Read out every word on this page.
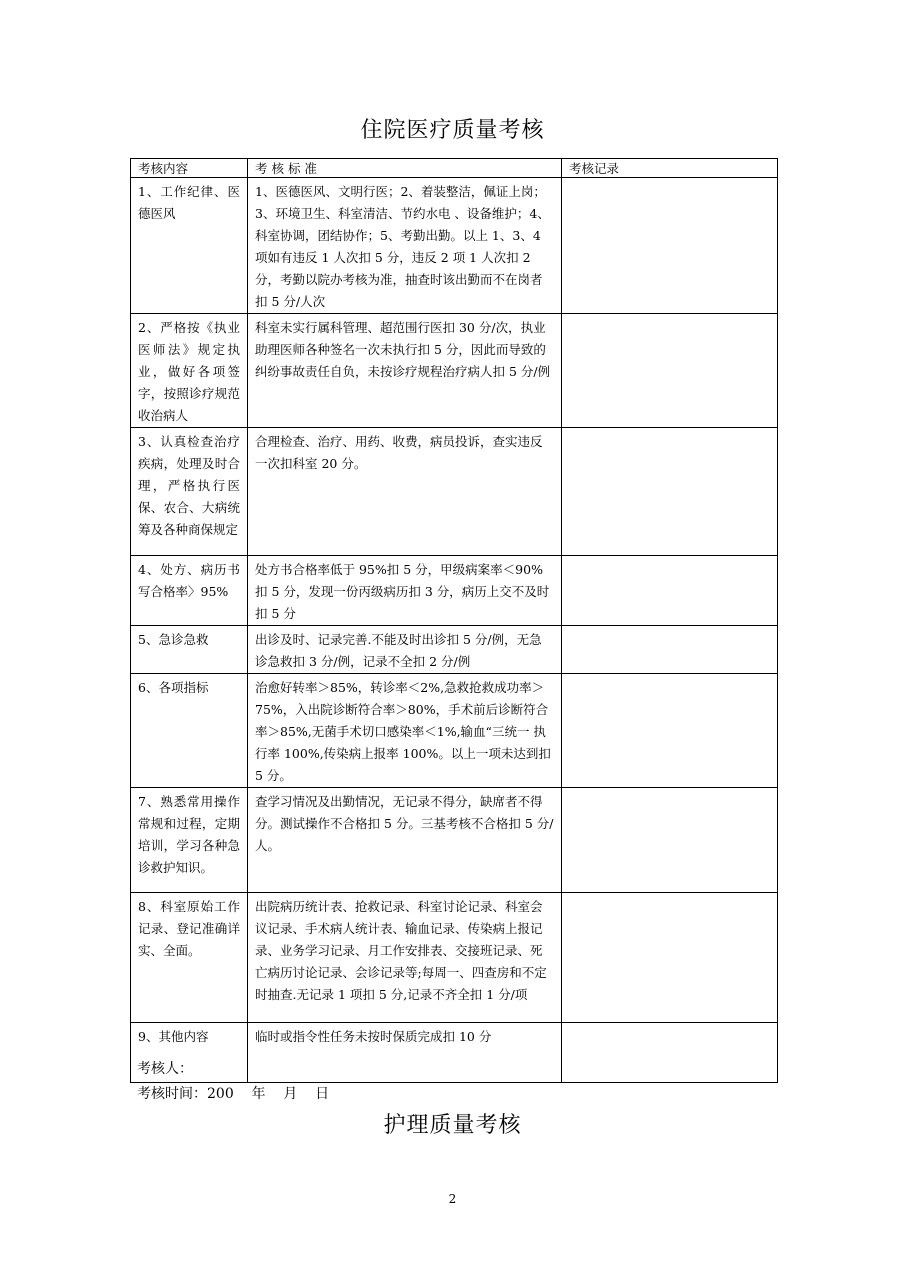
住院医疗质量考核
考核内容	考 核 标 准	考核记录
1、工作纪律、医德医风	1、医德医风、文明行医；2、着装整洁，佩证上岗；3、环境卫生、科室清洁、节约水电 、设备维护；4、科室协调，团结协作；5、考勤出勤。以上 1、3、4 项如有违反 1 人次扣 5 分，违反 2 项 1 人次扣 2 分，考勤以院办考核为准，抽查时该出勤而不在岗者扣 5 分/人次	
2、严格按《执业医师法》规定执业，做好各项签字，按照诊疗规范收治病人	科室未实行属科管理、超范围行医扣 30 分/次，执业助理医师各种签名一次未执行扣 5 分，因此而导致的纠纷事故责任自负，未按诊疗规程治疗病人扣 5 分/例	
3、认真检查治疗疾病，处理及时合理，严格执行医保、农合、大病统筹及各种商保规定	合理检查、治疗、用药、收费，病员投诉，查实违反一次扣科室 20 分。	
4、处方、病历书写合格率〉95%	处方书合格率低于 95%扣 5 分，甲级病案率＜90%扣 5 分，发现一份丙级病历扣 3 分，病历上交不及时扣 5 分	
5、急诊急救	出诊及时、记录完善.不能及时出诊扣 5 分/例，无急诊急救扣 3 分/例，记录不全扣 2 分/例	
6、各项指标	治愈好转率＞85%，转诊率＜2%,急救抢救成功率＞75%，入出院诊断符合率＞80%，手术前后诊断符合率＞85%,无菌手术切口感染率＜1%,输血“三统一 执行率 100%,传染病上报率 100%。以上一项未达到扣 5 分。	
7、熟悉常用操作常规和过程，定期培训，学习各种急诊救护知识。	查学习情况及出勤情况，无记录不得分，缺席者不得分。测试操作不合格扣 5 分。三基考核不合格扣 5 分/人。	
8、科室原始工作记录、登记准确详实、全面。	出院病历统计表、抢救记录、科室讨论记录、科室会议记录、手术病人统计表、输血记录、传染病上报记录、业务学习记录、月工作安排表、交接班记录、死亡病历讨论记录、会诊记录等;每周一、四查房和不定时抽查.无记录 1 项扣 5 分,记录不齐全扣 1 分/项	
9、其他内容	临时或指令性任务未按时保质完成扣 10 分	
考核人：
考核时间：200    年    月    日
护理质量考核
2
